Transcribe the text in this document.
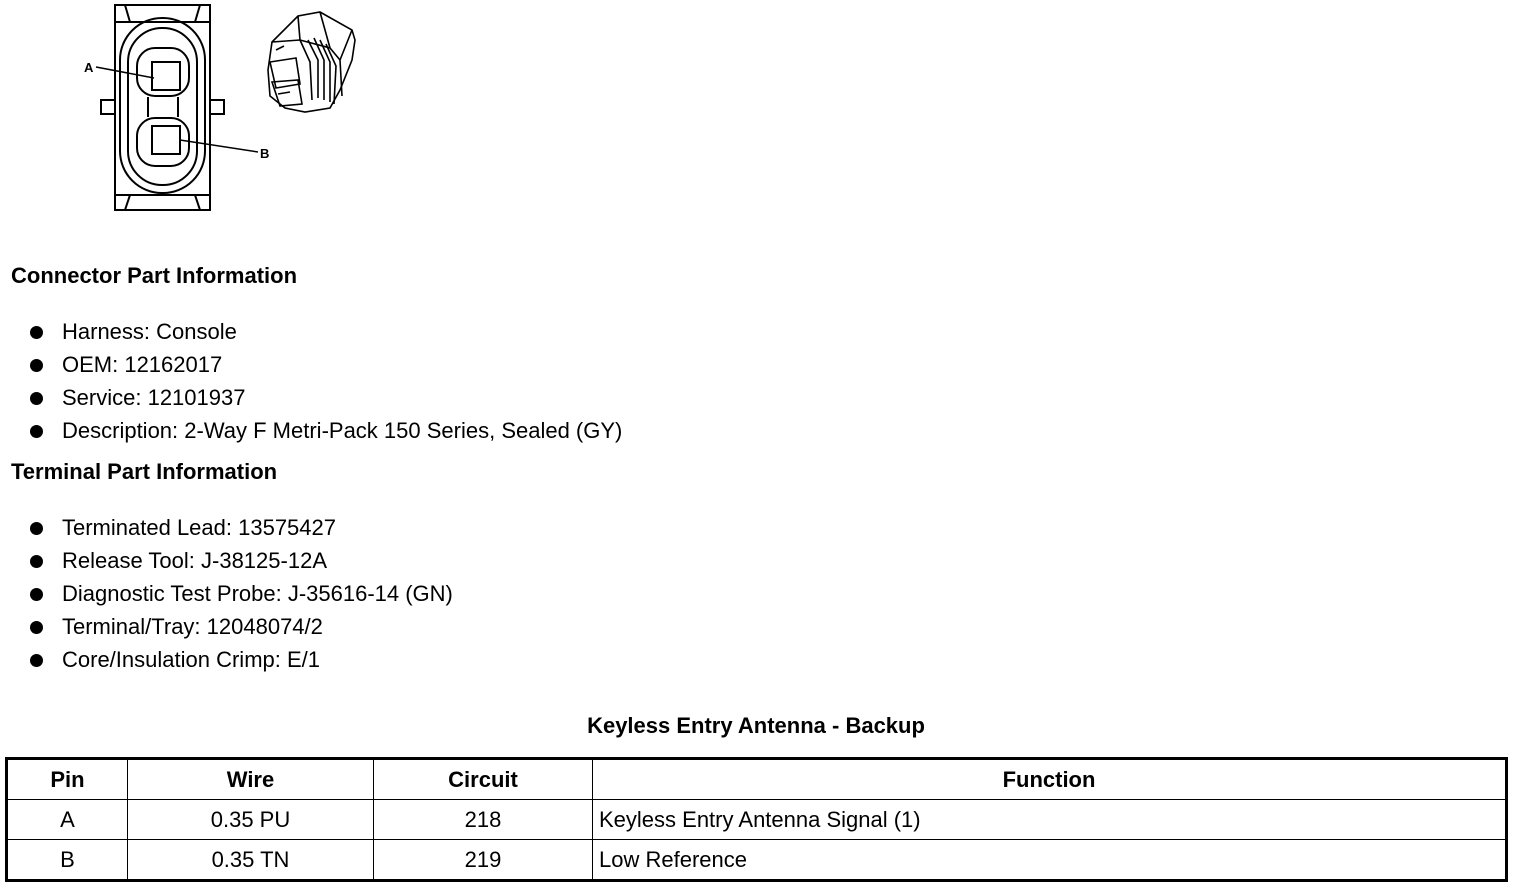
A
B
Connector Part Information
Harness: Console
OEM: 12162017
Service: 12101937
Description: 2-Way F Metri-Pack 150 Series, Sealed (GY)
Terminal Part Information
Terminated Lead: 13575427
Release Tool: J-38125-12A
Diagnostic Test Probe: J-35616-14 (GN)
Terminal/Tray: 12048074/2
Core/Insulation Crimp: E/1
Keyless Entry Antenna - Backup
Pin	Wire	Circuit	Function
A	0.35 PU	218	Keyless Entry Antenna Signal (1)
B	0.35 TN	219	Low Reference
